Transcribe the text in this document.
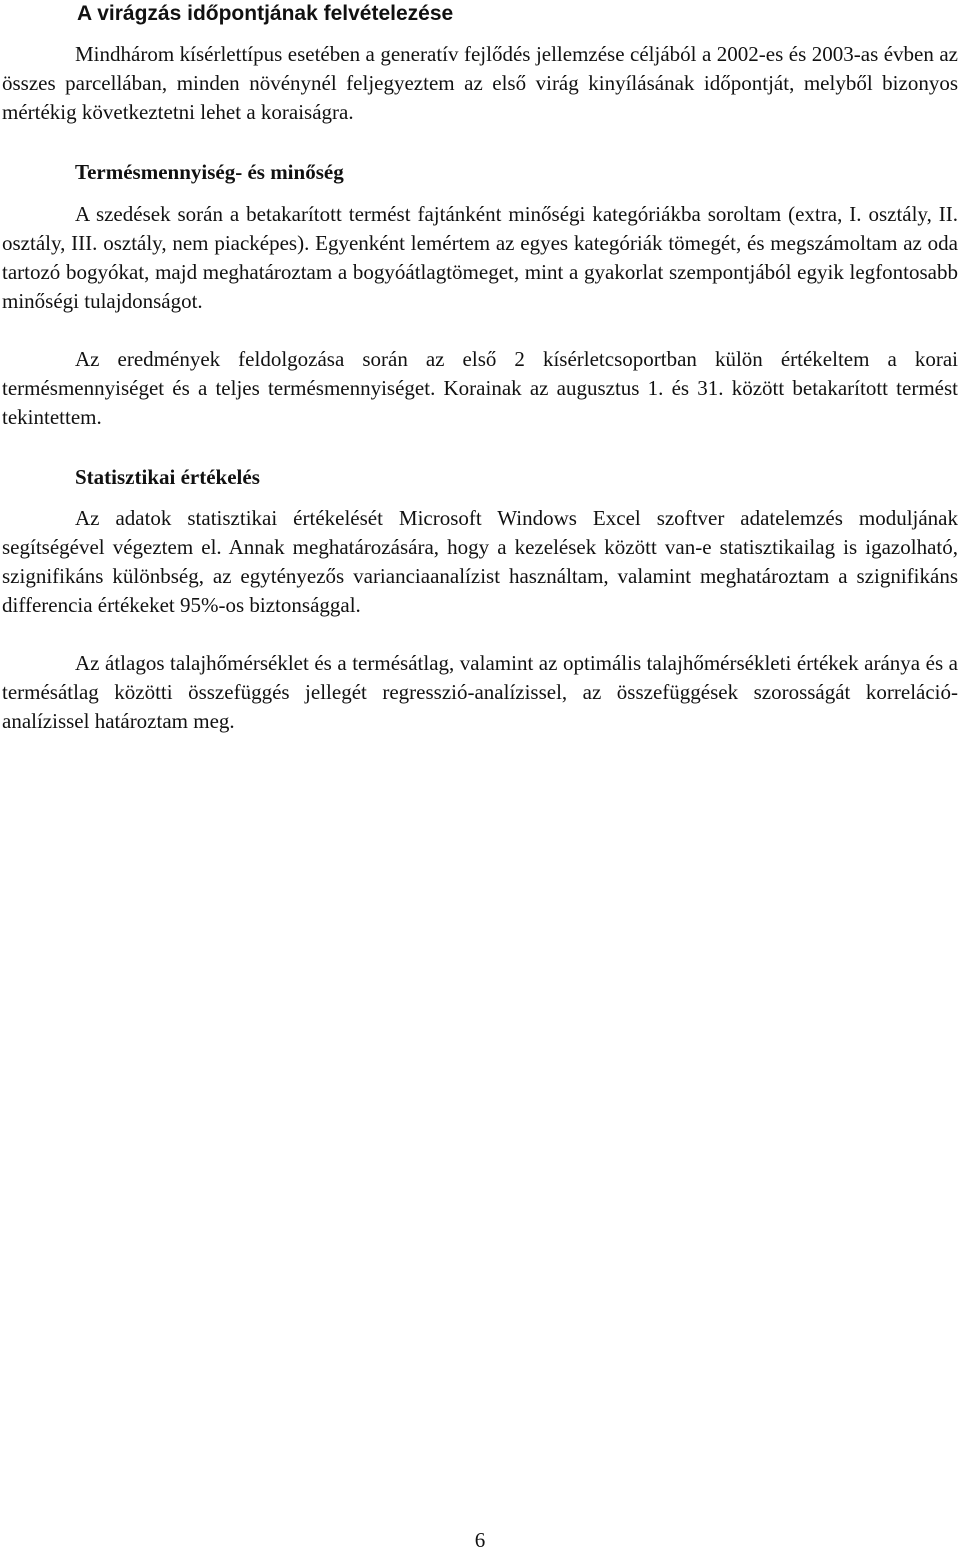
A virágzás időpontjának felvételezése

Mindhárom kísérlettípus esetében a generatív fejlődés jellemzése céljából a 2002-es és 2003-as évben az összes parcellában, minden növénynél feljegyeztem az első virág kinyílásának időpontját, melyből bizonyos mértékig következtetni lehet a koraiságra.

Termésmennyiség- és minőség

A szedések során a betakarított termést fajtánként minőségi kategóriákba soroltam (extra, I. osztály, II. osztály, III. osztály, nem piacképes). Egyenként lemértem az egyes kategóriák tömegét, és megszámoltam az oda tartozó bogyókat, majd meghatároztam a bogyóátlagtömeget, mint a gyakorlat szempontjából egyik legfontosabb minőségi tulajdonságot.

Az eredmények feldolgozása során az első 2 kísérletcsoportban külön értékeltem a korai termésmennyiséget és a teljes termésmennyiséget. Korainak az augusztus 1. és 31. között betakarított termést tekintettem.

Statisztikai értékelés

Az adatok statisztikai értékelését Microsoft Windows Excel szoftver adatelemzés moduljának segítségével végeztem el. Annak meghatározására, hogy a kezelések között van-e statisztikailag is igazolható, szignifikáns különbség, az egytényezős varianciaanalízist használtam, valamint meghatároztam a szignifikáns differencia értékeket 95%-os biztonsággal.

Az átlagos talajhőmérséklet és a termésátlag, valamint az optimális talajhőmérsékleti értékek aránya és a termésátlag közötti összefüggés jellegét regresszió-analízissel, az összefüggések szorosságát korreláció-analízissel határoztam meg.

6
